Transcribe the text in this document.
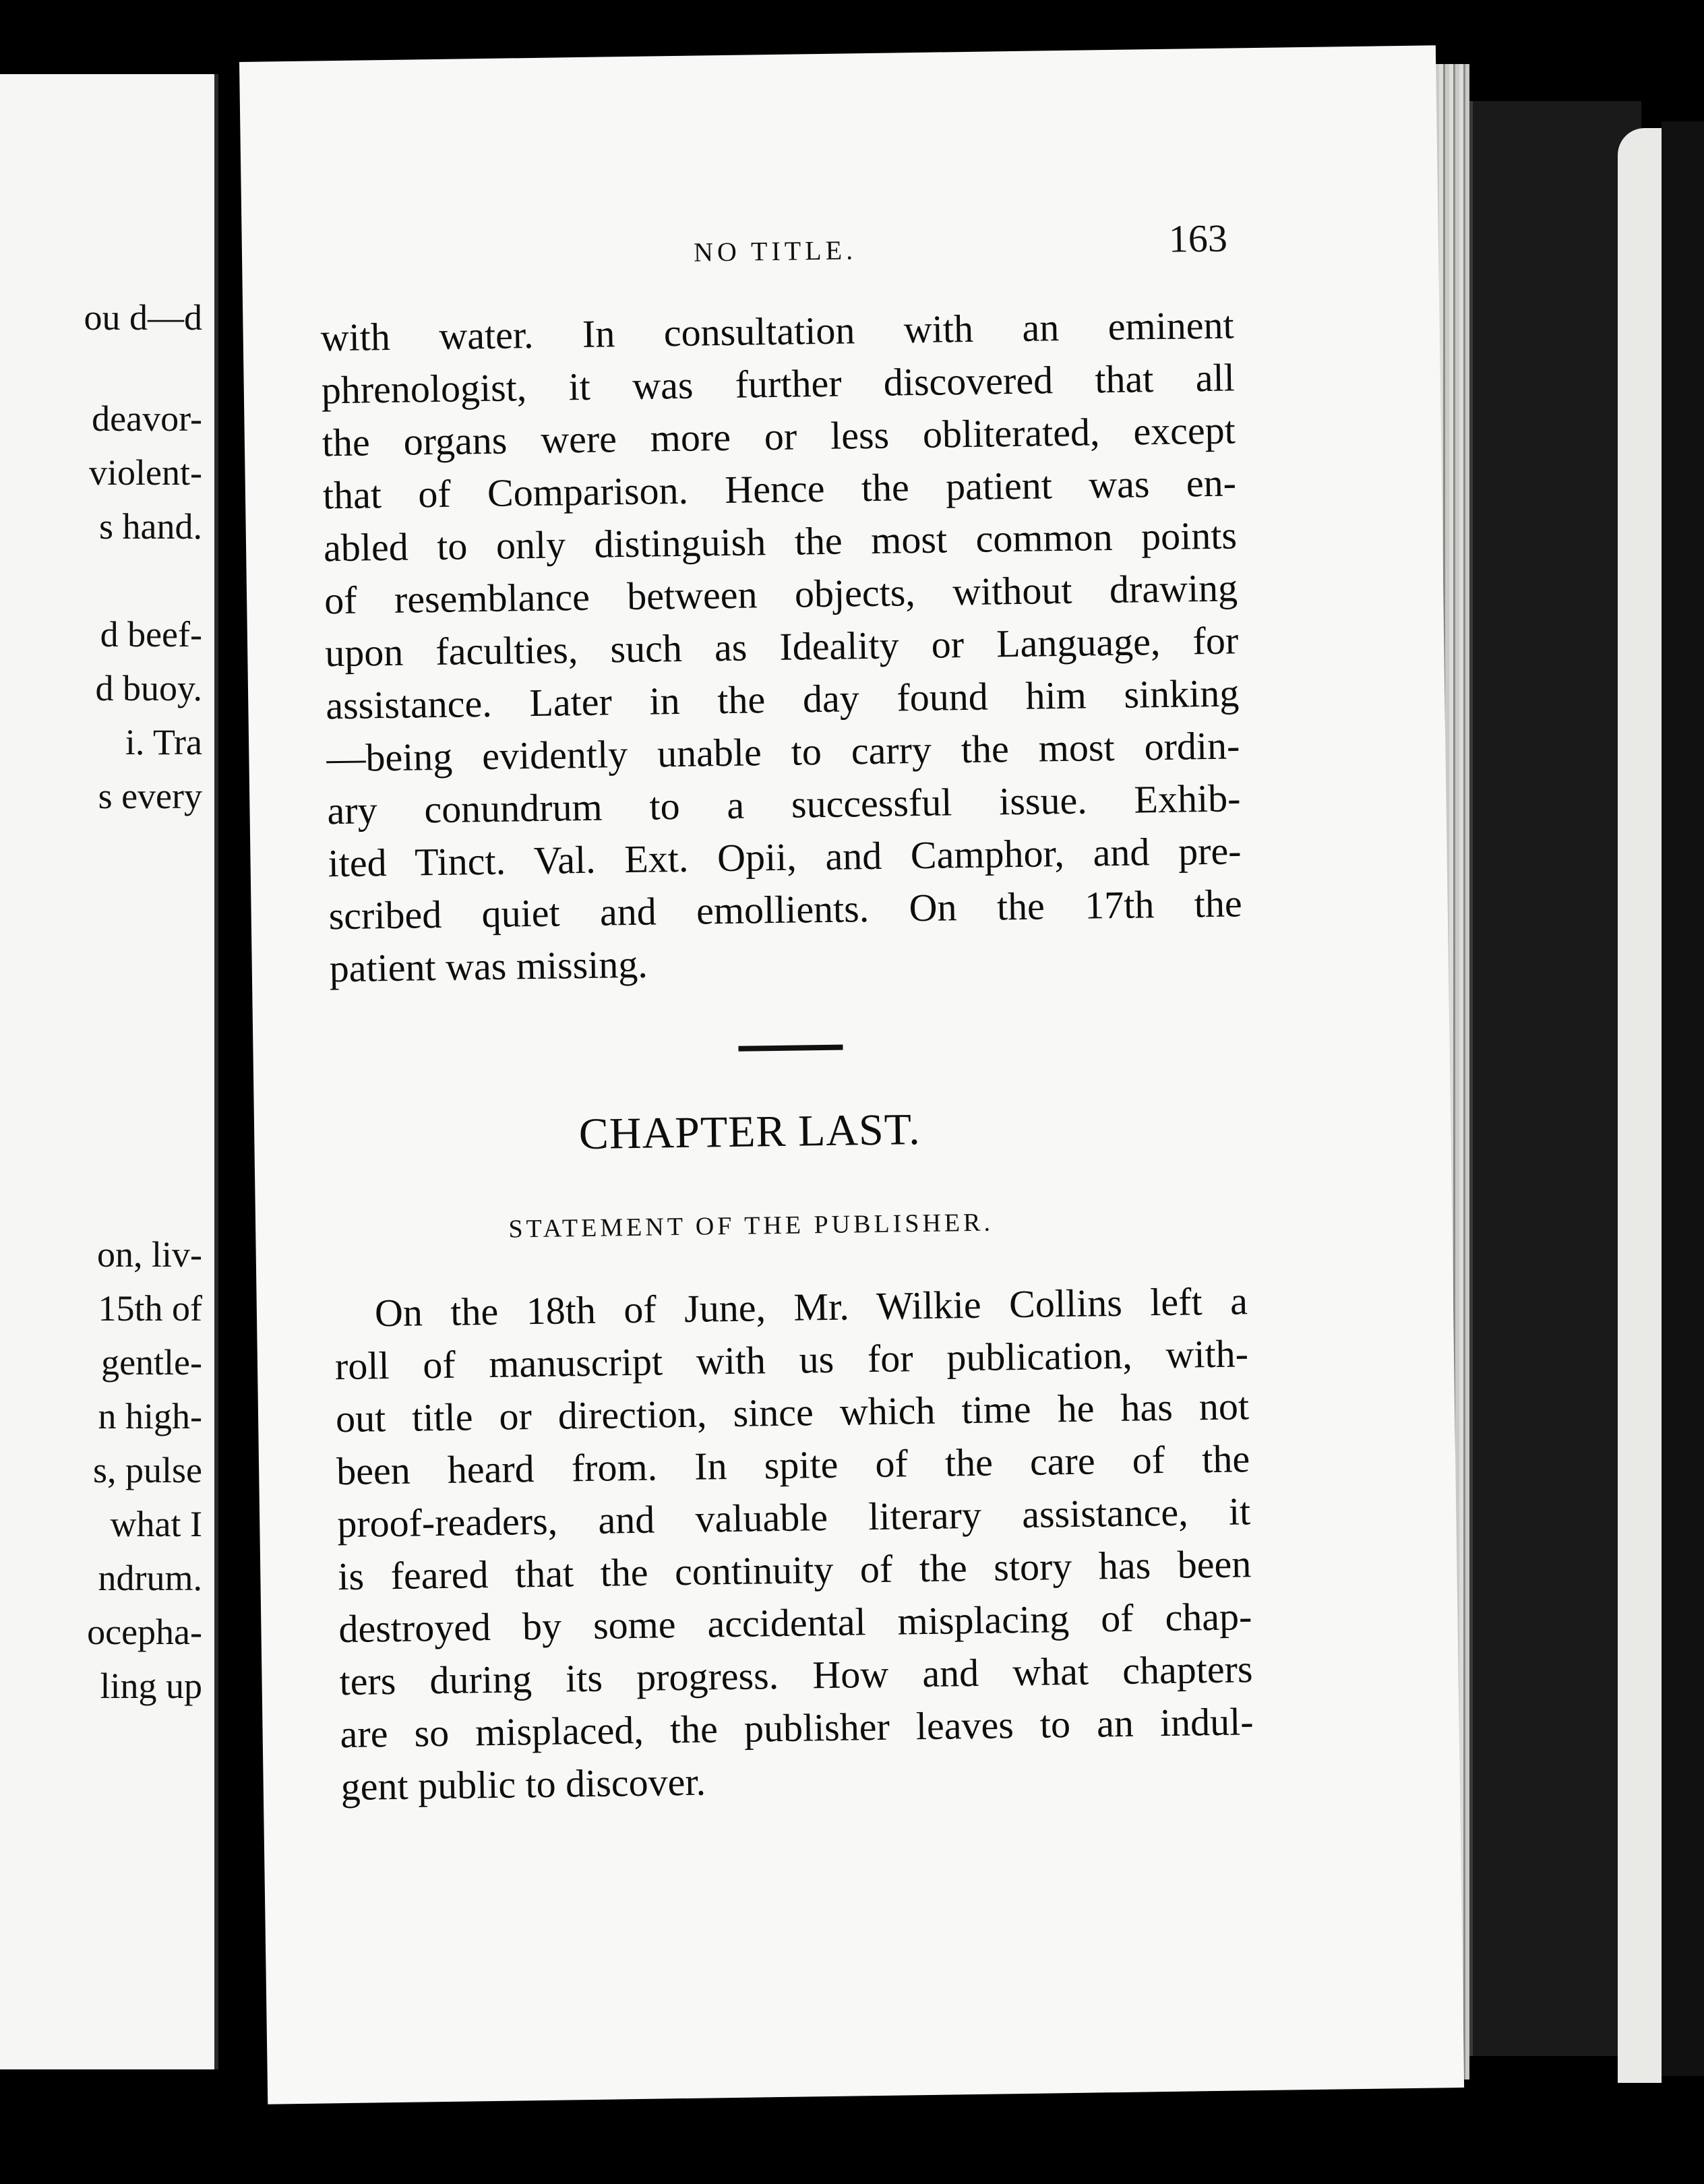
ou d—d
deavor-
violent-
s hand.
d beef-
d buoy.
i. Tra
s every
on, liv-
15th of
gentle-
n high-
s, pulse
what I
ndrum.
ocepha-
ling up
NO TITLE.	163
with water. In consultation with an eminent
phrenologist, it was further discovered that all
the organs were more or less obliterated, except
that of Comparison. Hence the patient was en-
abled to only distinguish the most common points
of resemblance between objects, without drawing
upon faculties, such as Ideality or Language, for
assistance. Later in the day found him sinking
—being evidently unable to carry the most ordin-
ary conundrum to a successful issue. Exhib-
ited Tinct. Val. Ext. Opii, and Camphor, and pre-
scribed quiet and emollients. On the 17th the
patient was missing.
CHAPTER LAST.
STATEMENT OF THE PUBLISHER.
On the 18th of June, Mr. Wilkie Collins left a
roll of manuscript with us for publication, with-
out title or direction, since which time he has not
been heard from. In spite of the care of the
proof-readers, and valuable literary assistance, it
is feared that the continuity of the story has been
destroyed by some accidental misplacing of chap-
ters during its progress. How and what chapters
are so misplaced, the publisher leaves to an indul-
gent public to discover.
